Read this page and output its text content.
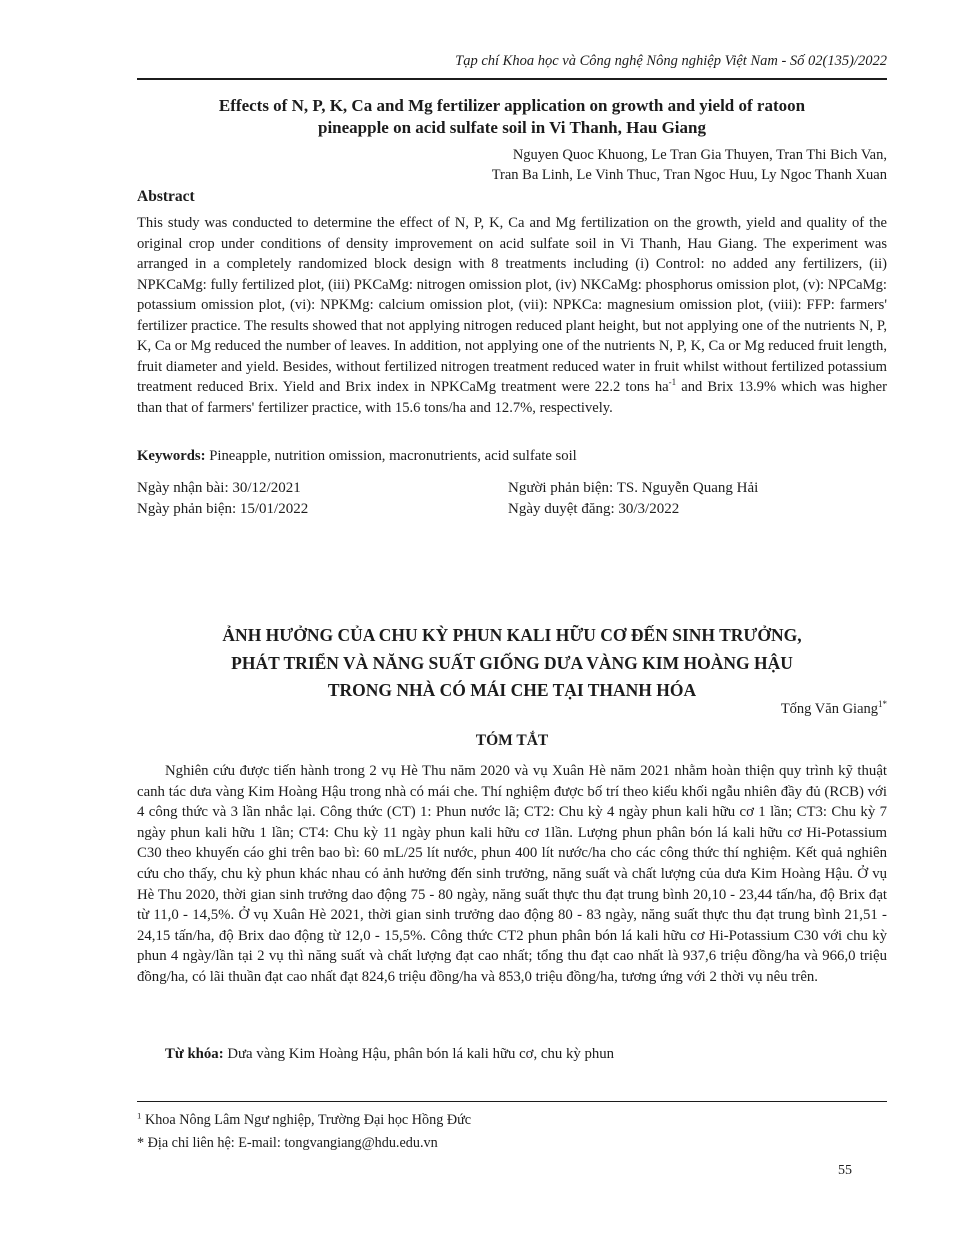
Tạp chí Khoa học và Công nghệ Nông nghiệp Việt Nam - Số 02(135)/2022
Effects of N, P, K, Ca and Mg fertilizer application on growth and yield of ratoon
pineapple on acid sulfate soil in Vi Thanh, Hau Giang
Nguyen Quoc Khuong, Le Tran Gia Thuyen, Tran Thi Bich Van,
Tran Ba Linh, Le Vinh Thuc, Tran Ngoc Huu, Ly Ngoc Thanh Xuan
Abstract

This study was conducted to determine the effect of N, P, K, Ca and Mg fertilization on the growth, yield and quality of the original crop under conditions of density improvement on acid sulfate soil in Vi Thanh, Hau Giang. The experiment was arranged in a completely randomized block design with 8 treatments including (i) Control: no added any fertilizers, (ii) NPKCaMg: fully fertilized plot, (iii) PKCaMg: nitrogen omission plot, (iv) NKCaMg: phosphorus omission plot, (v): NPCaMg: potassium omission plot, (vi): NPKMg: calcium omission plot, (vii): NPKCa: magnesium omission plot, (viii): FFP: farmers' fertilizer practice. The results showed that not applying nitrogen reduced plant height, but not applying one of the nutrients N, P, K, Ca or Mg reduced the number of leaves. In addition, not applying one of the nutrients N, P, K, Ca or Mg reduced fruit length, fruit diameter and yield. Besides, without fertilized nitrogen treatment reduced water in fruit whilst without fertilized potassium treatment reduced Brix. Yield and Brix index in NPKCaMg treatment were 22.2 tons $ha^{-1}$ and Brix 13.9% which was higher than that of farmers' fertilizer practice, with 15.6 tons/ha and 12.7%, respectively.

Keywords: Pineapple, nutrition omission, macronutrients, acid sulfate soil

Ngày nhận bài: 30/12/2021
Ngày phản biện: 15/01/2022
Người phản biện: TS. Nguyễn Quang Hải
Ngày duyệt đăng: 30/3/2022
ẢNH HƯỞNG CỦA CHU KỲ PHUN KALI HỮU CƠ ĐẾN SINH TRƯỞNG,
PHÁT TRIỂN VÀ NĂNG SUẤT GIỐNG DƯA VÀNG KIM HOÀNG HẬU
TRONG NHÀ CÓ MÁI CHE TẠI THANH HÓA
Tống Văn Giang$^{1*}$
TÓM TẮT

Nghiên cứu được tiến hành trong 2 vụ Hè Thu năm 2020 và vụ Xuân Hè năm 2021 nhằm hoàn thiện quy trình kỹ thuật canh tác dưa vàng Kim Hoàng Hậu trong nhà có mái che. Thí nghiệm được bố trí theo kiểu khối ngẫu nhiên đầy đủ (RCB) với 4 công thức và 3 lần nhắc lại. Công thức (CT) 1: Phun nước lã; CT2: Chu kỳ 4 ngày phun kali hữu cơ 1 lần; CT3: Chu kỳ 7 ngày phun kali hữu 1 lần; CT4: Chu kỳ 11 ngày phun kali hữu cơ 1lần. Lượng phun phân bón lá kali hữu cơ Hi-Potassium C30 theo khuyến cáo ghi trên bao bì: 60 mL/25 lít nước, phun 400 lít nước/ha cho các công thức thí nghiệm. Kết quả nghiên cứu cho thấy, chu kỳ phun khác nhau có ảnh hưởng đến sinh trưởng, năng suất và chất lượng của dưa Kim Hoàng Hậu. Ở vụ Hè Thu 2020, thời gian sinh trưởng dao động 75 - 80 ngày, năng suất thực thu đạt trung bình 20,10 - 23,44 tấn/ha, độ Brix đạt từ 11,0 - 14,5%. Ở vụ Xuân Hè 2021, thời gian sinh trưởng dao động 80 - 83 ngày, năng suất thực thu đạt trung bình 21,51 - 24,15 tấn/ha, độ Brix dao động từ 12,0 - 15,5%. Công thức CT2 phun phân bón lá kali hữu cơ Hi-Potassium C30 với chu kỳ phun 4 ngày/lần tại 2 vụ thì năng suất và chất lượng đạt cao nhất; tổng thu đạt cao nhất là 937,6 triệu đồng/ha và 966,0 triệu đồng/ha, có lãi thuần đạt cao nhất đạt 824,6 triệu đồng/ha và 853,0 triệu đồng/ha, tương ứng với 2 thời vụ nêu trên.

Từ khóa: Dưa vàng Kim Hoàng Hậu, phân bón lá kali hữu cơ, chu kỳ phun

$^1$ Khoa Nông Lâm Ngư nghiệp, Trường Đại học Hồng Đức
* Địa chỉ liên hệ: E-mail: tongvangiang@hdu.edu.vn
55
